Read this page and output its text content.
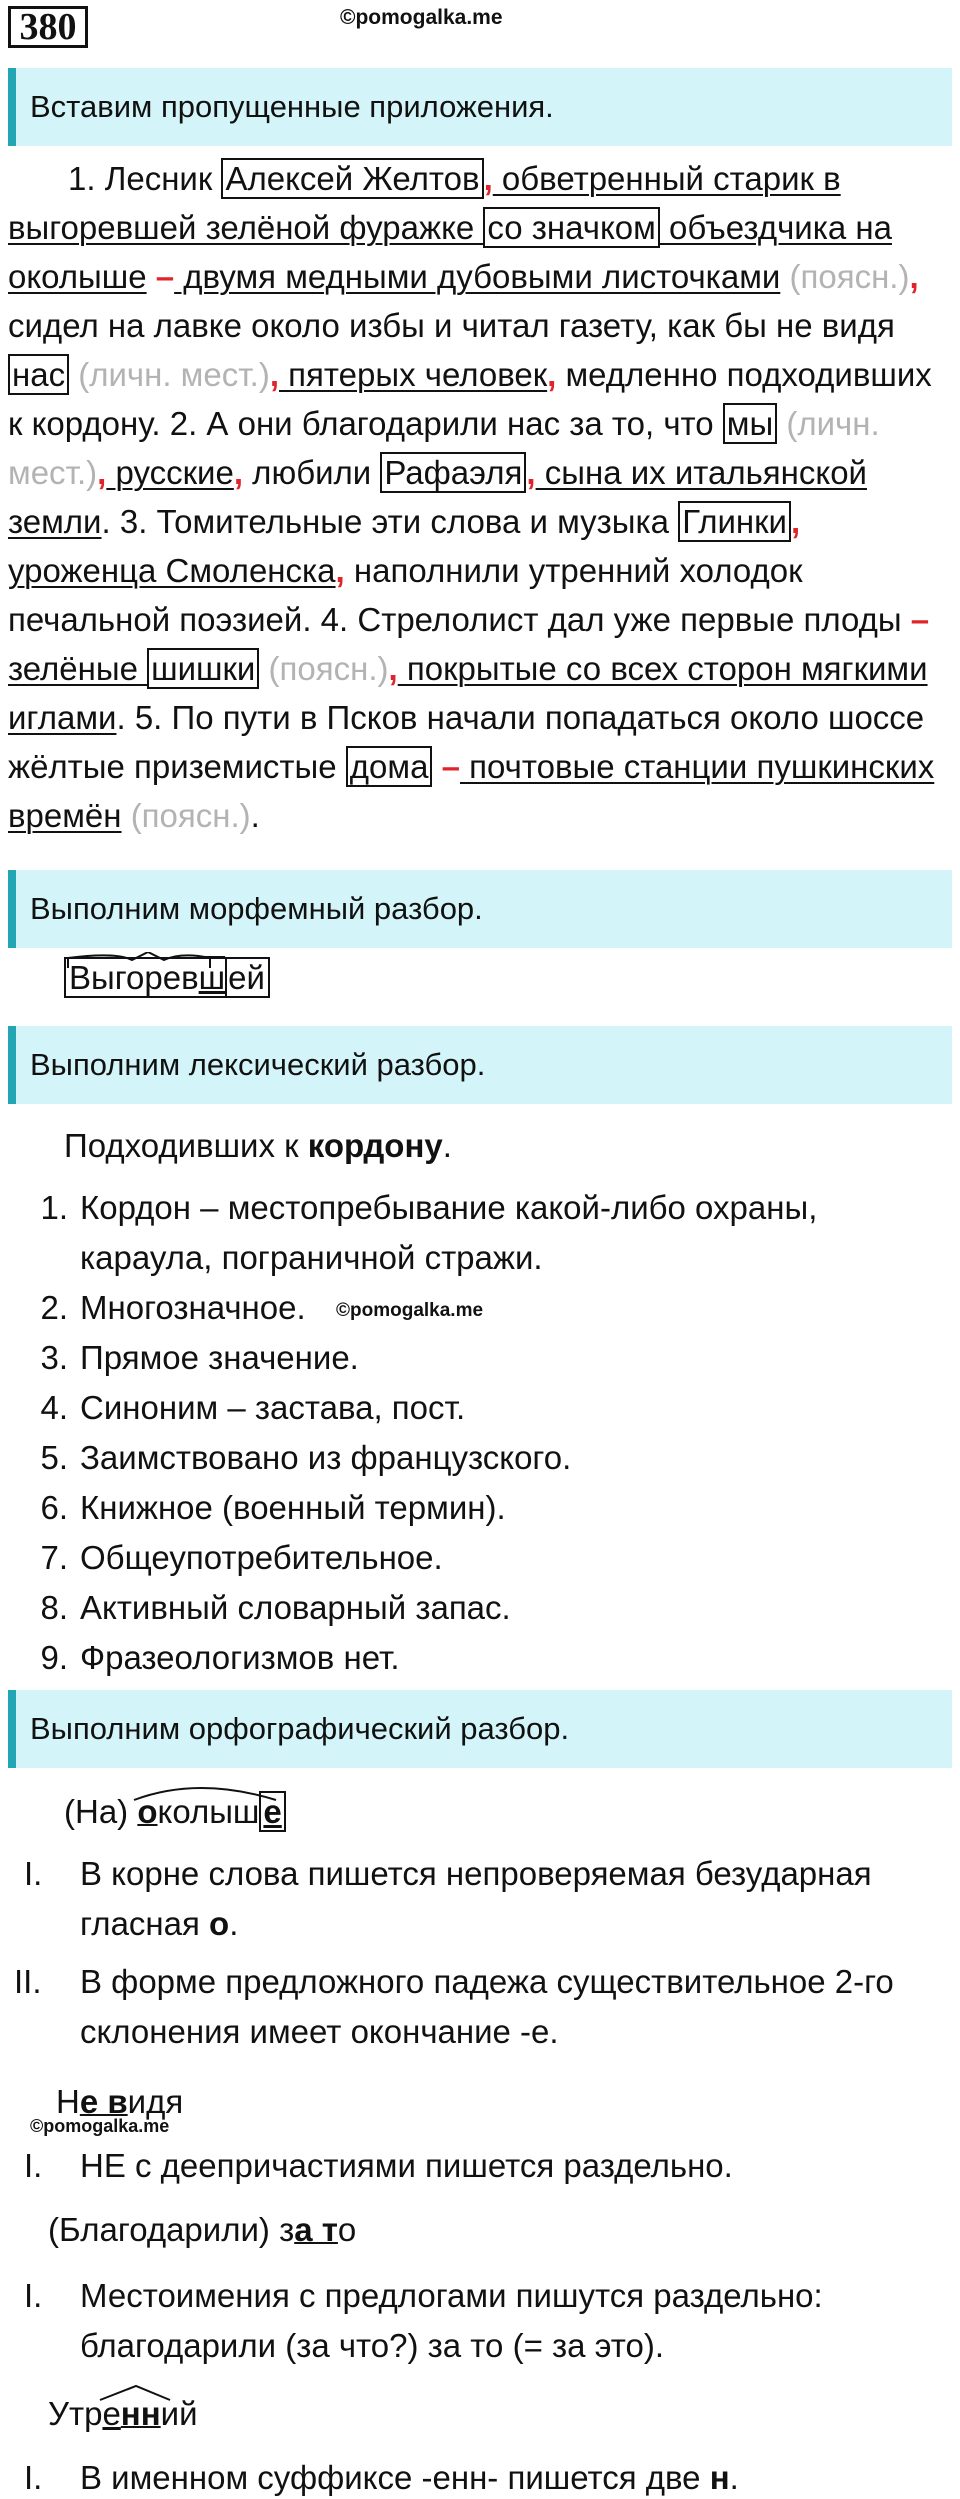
380	©pomogalka.me
Вставим пропущенные приложения.
1. Лесник Алексей Желтов , обветренный старик в выгоревшей зелёной фуражке со значком объездчика на околыше – двумя медными дубовыми листочками (поясн.), сидел на лавке около избы и читал газету, как бы не видя нас (личн. мест.), пятерых человек, медленно подходивших к кордону. 2. А они благодарили нас за то, что мы (личн. мест.), русские, любили Рафаэля , сына их итальянской земли. 3. Томительные эти слова и музыка Глинки , уроженца Смоленска, наполнили утренний холодок печальной поэзией. 4. Стрелолист дал уже первые плоды – зелёные шишки (поясн.), покрытые со всех сторон мягкими иглами. 5. По пути в Псков начали попадаться около шоссе жёлтые приземистые дома – почтовые станции пушкинских времён (поясн.).
Выполним морфемный разбор.
Выгоревшей
Выполним лексический разбор.
Подходивших к кордону.
1. Кордон – местопребывание какой-либо охраны,
караула, пограничной стражи.
2. Многозначное. ©pomogalka.me
3. Прямое значение.
4. Синоним – застава, пост.
5. Заимствовано из французского.
6. Книжное (военный термин).
7. Общеупотребительное.
8. Активный словарный запас.
9. Фразеологизмов нет.
Выполним орфографический разбор.
(На) околыш е
I. В корне слова пишется непроверяемая безударная
гласная о.
II. В форме предложного падежа существительное 2-го
склонения имеет окончание -е.
Не видя
©pomogalka.me
I. НЕ с деепричастиями пишется раздельно.
(Благодарили) за то
I. Местоимения с предлогами пишутся раздельно:
благодарили (за что?) за то (= за это).
Утренний
I. В именном суффиксе -енн- пишется две н.
